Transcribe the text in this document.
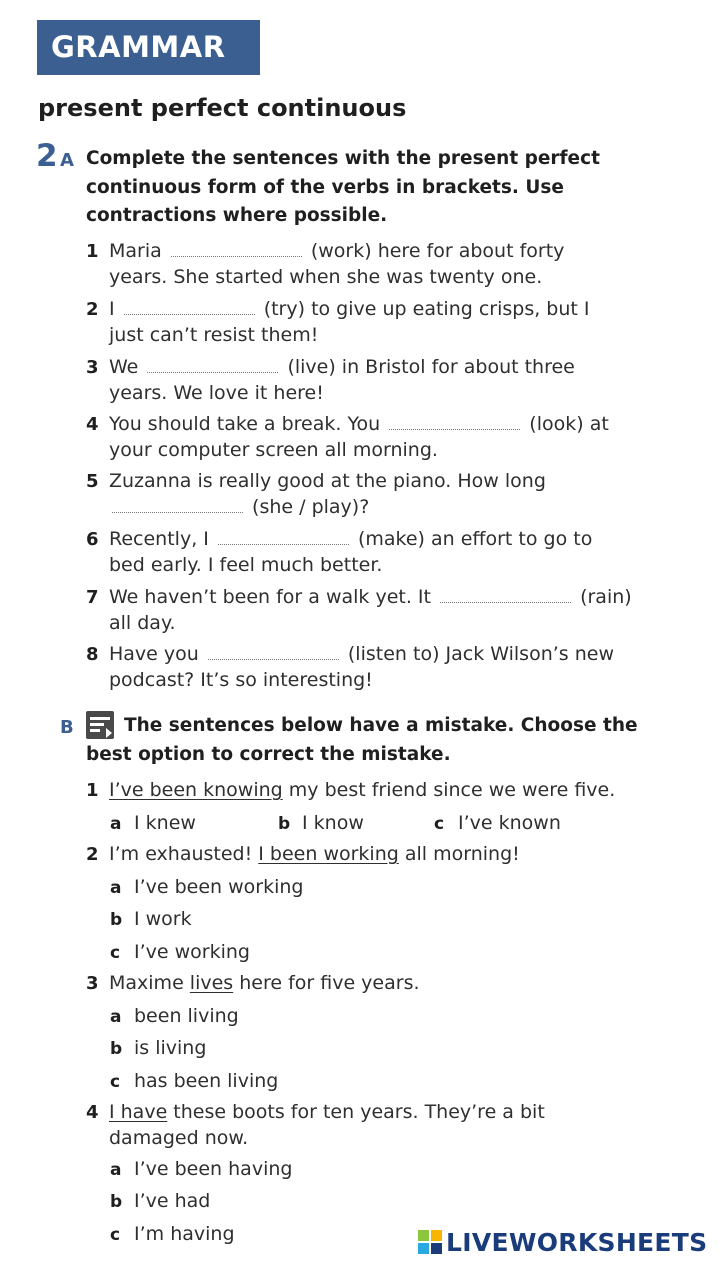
GRAMMAR
present perfect continuous
2 A Complete the sentences with the present perfect
continuous form of the verbs in brackets. Use
contractions where possible.
1 Maria	(work) here for about forty
years. She started when she was twenty one.
2 I	(try) to give up eating crisps, but I
just can’t resist them!
3 We	(live) in Bristol for about three
years. We love it here!
4 You should take a break. You	(look) at
your computer screen all morning.
5 Zuzanna is really good at the piano. How long
(she / play)?
6 Recently, I	(make) an effort to go to
bed early. I feel much better.
7 We haven’t been for a walk yet. It	(rain)
all day.
8 Have you	(listen to) Jack Wilson’s new
podcast? It’s so interesting!
B	The sentences below have a mistake. Choose the
best option to correct the mistake.
1 I’ve been knowing my best friend since we were five.
a I knew	b I know	c I’ve known
2 I’m exhausted! I been working all morning!
a I’ve been working
b I work
c I’ve working
3 Maxime lives here for five years.
a been living
b is living
c has been living
4 I have these boots for ten years. They’re a bit
damaged now.
a I’ve been having
b I’ve had
c I’m having	LIVEWORKSHEETS
